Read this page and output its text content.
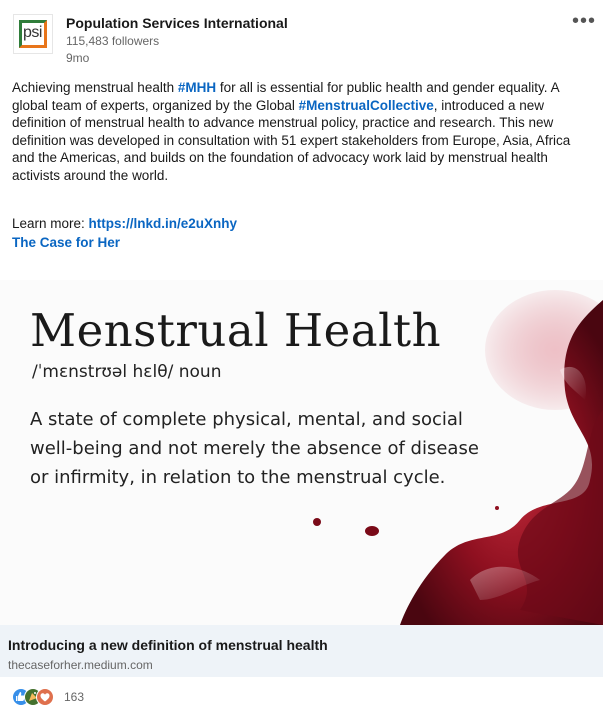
psi
Population Services International
115,483 followers
9mo
•••
Achieving menstrual health #MHH for all is essential for public health and gender equality. A global team of experts, organized by the Global #MenstrualCollective, introduced a new definition of menstrual health to advance menstrual policy, practice and research. This new definition was developed in consultation with 51 expert stakeholders from Europe, Asia, Africa and the Americas, and builds on the foundation of advocacy work laid by menstrual health activists around the world.
Learn more: https://lnkd.in/e2uXnhy
The Case for Her
Menstrual Health
/ˈmɛnstrʊəl hɛlθ/ noun
A state of complete physical, mental, and social well-being and not merely the absence of disease or infirmity, in relation to the menstrual cycle.
Introducing a new definition of menstrual health
thecaseforher.medium.com
163
